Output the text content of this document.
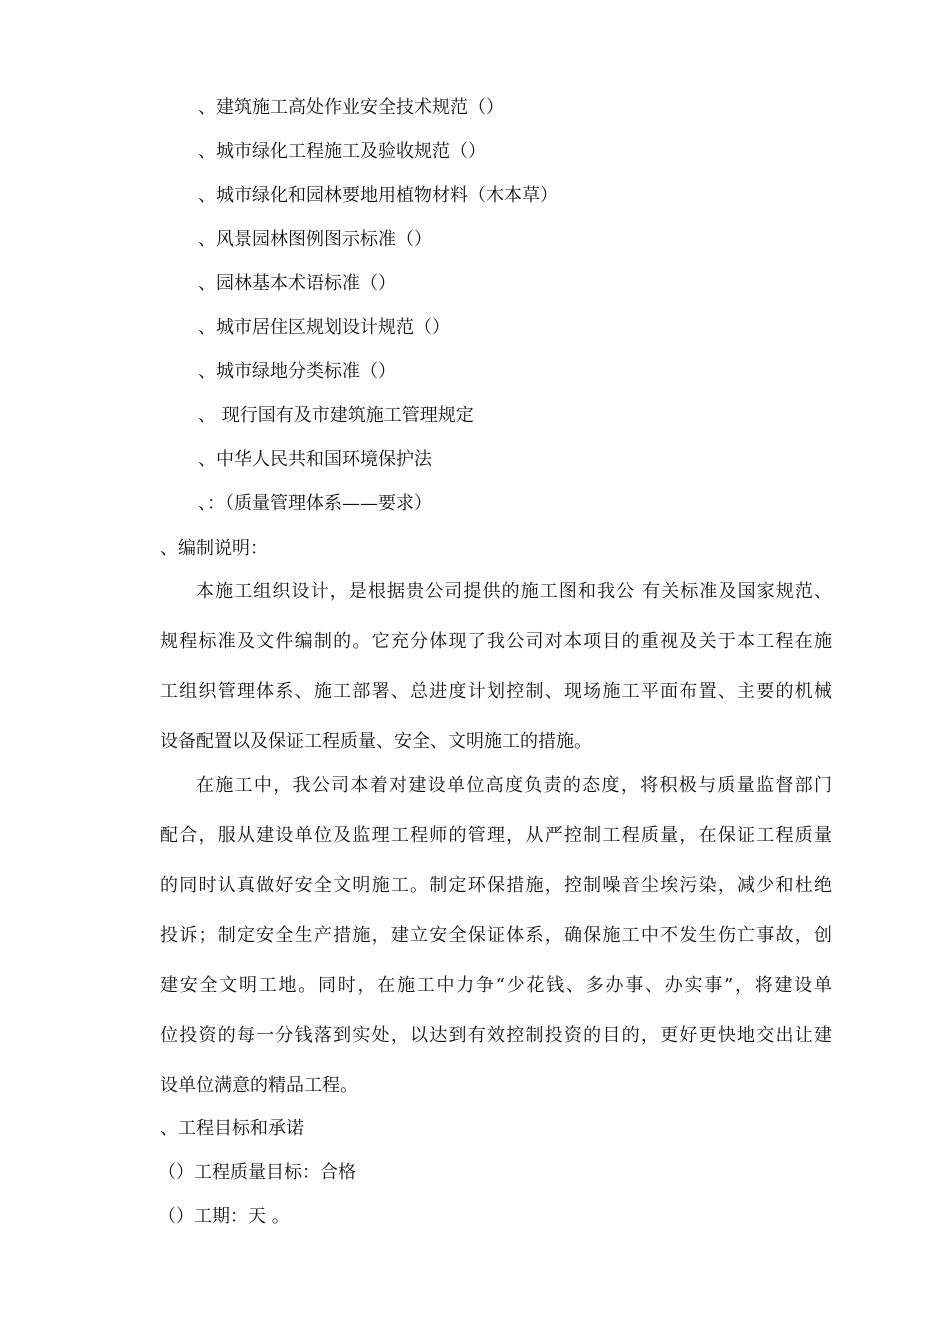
、建筑施工高处作业安全技术规范（）
、城市绿化工程施工及验收规范（）
、城市绿化和园林要地用植物材料（木本草）
、风景园林图例图示标准（）
、园林基本术语标准（）
、城市居住区规划设计规范（）
、城市绿地分类标准（）
、 现行国有及市建筑施工管理规定
、中华人民共和国环境保护法
、：（质量管理体系——要求）
、编制说明：
本施工组织设计，是根据贵公司提供的施工图和我公 有关标准及国家规范、
规程标准及文件编制的。它充分体现了我公司对本项目的重视及关于本工程在施
工组织管理体系、施工部署、总进度计划控制、现场施工平面布置、主要的机械
设备配置以及保证工程质量、安全、文明施工的措施。
在施工中，我公司本着对建设单位高度负责的态度，将积极与质量监督部门
配合，服从建设单位及监理工程师的管理，从严控制工程质量，在保证工程质量
的同时认真做好安全文明施工。制定环保措施，控制噪音尘埃污染，减少和杜绝
投诉；制定安全生产措施，建立安全保证体系，确保施工中不发生伤亡事故，创
建安全文明工地。同时，在施工中力争“少花钱、多办事、办实事”，将建设单
位投资的每一分钱落到实处，以达到有效控制投资的目的，更好更快地交出让建
设单位满意的精品工程。
、工程目标和承诺
（）工程质量目标：合格
（）工期：天 。
